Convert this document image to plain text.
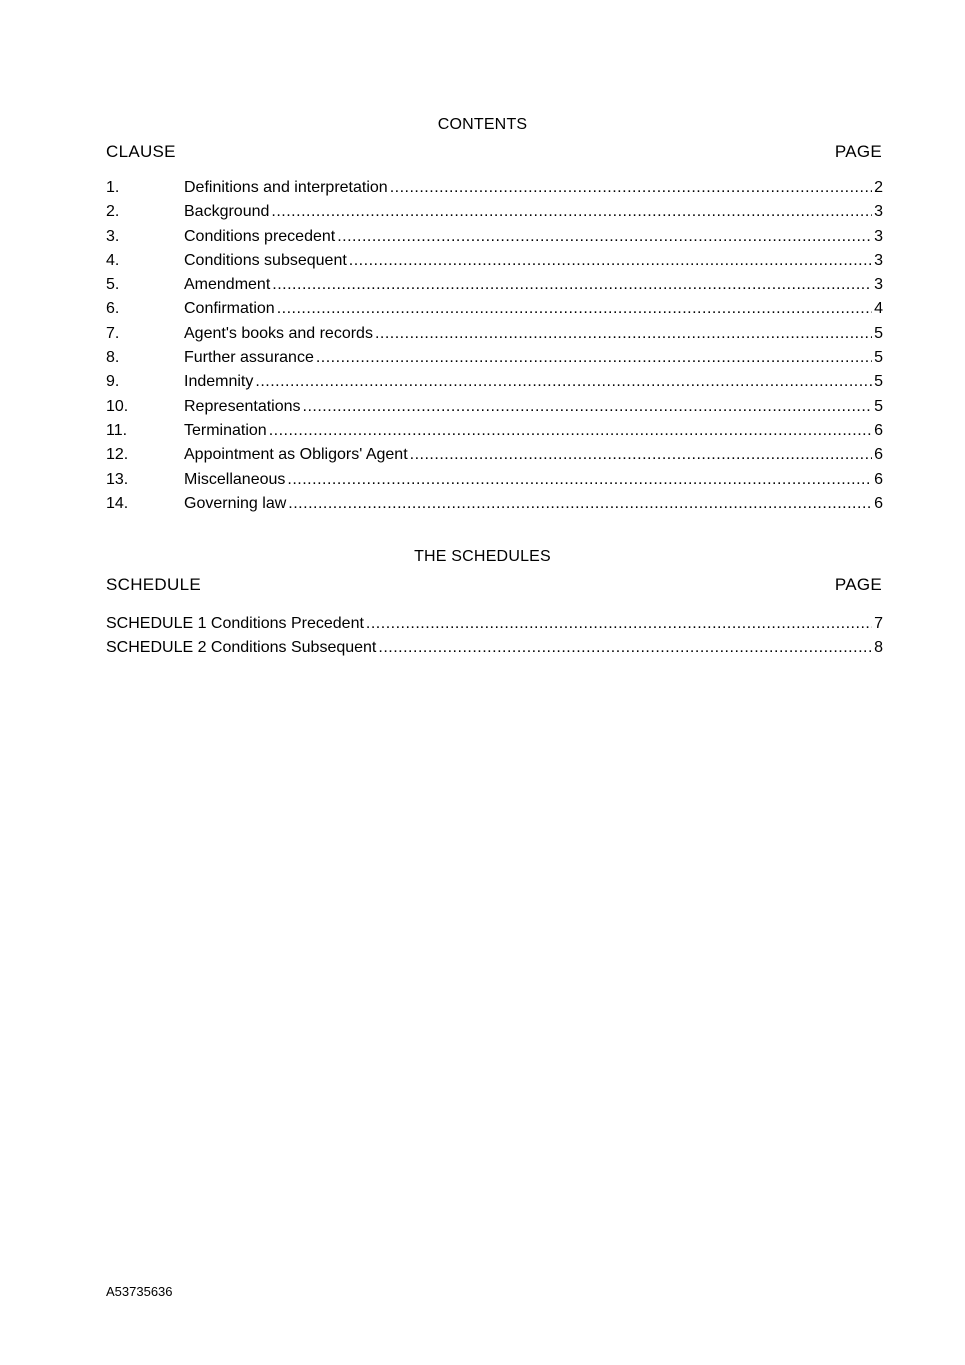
CONTENTS
CLAUSE	PAGE
1.	Definitions and interpretation .....	2
2.	Background .....	3
3.	Conditions precedent .....	3
4.	Conditions subsequent .....	3
5.	Amendment .....	3
6.	Confirmation .....	4
7.	Agent's books and records .....	5
8.	Further assurance .....	5
9.	Indemnity .....	5
10.	Representations .....	5
11.	Termination .....	6
12.	Appointment as Obligors' Agent .....	6
13.	Miscellaneous .....	6
14.	Governing law .....	6
THE SCHEDULES
SCHEDULE	PAGE
SCHEDULE 1 Conditions Precedent .....	7
SCHEDULE 2 Conditions Subsequent .....	8
A53735636
